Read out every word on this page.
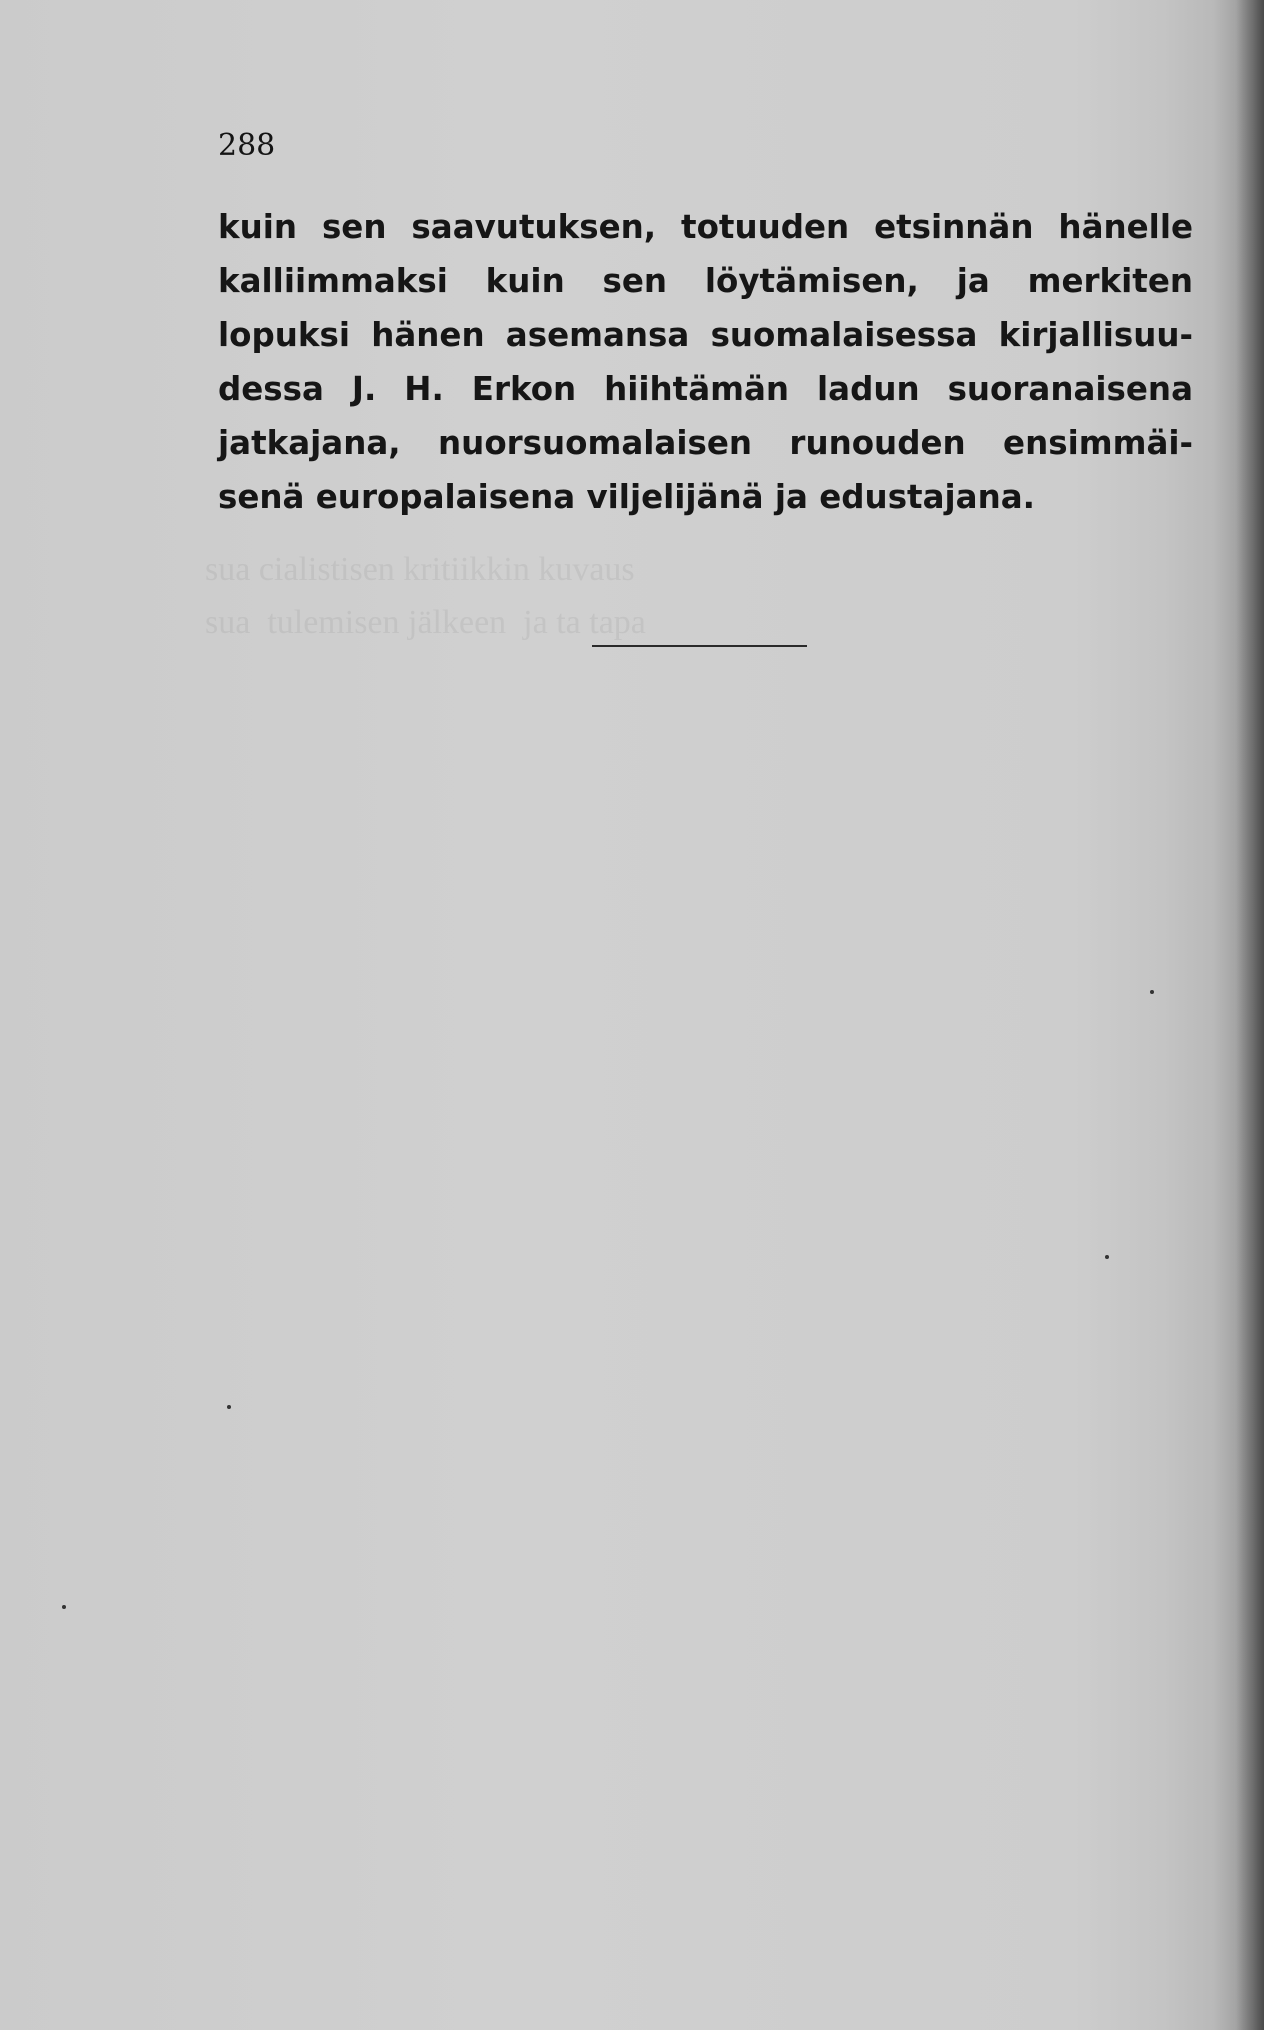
sua cialistisen kritiikkin kuvaus
sua  tulemisen jälkeen  ja ta tapa

288
kuin sen saavutuksen, totuuden etsinnän hänelle
kalliimmaksi kuin sen löytämisen, ja merkiten
lopuksi hänen asemansa suomalaisessa kirjallisuu-
dessa J. H. Erkon hiihtämän ladun suoranaisena
jatkajana, nuorsuomalaisen runouden ensimmäi-
senä europalaisena viljelijänä ja edustajana.
